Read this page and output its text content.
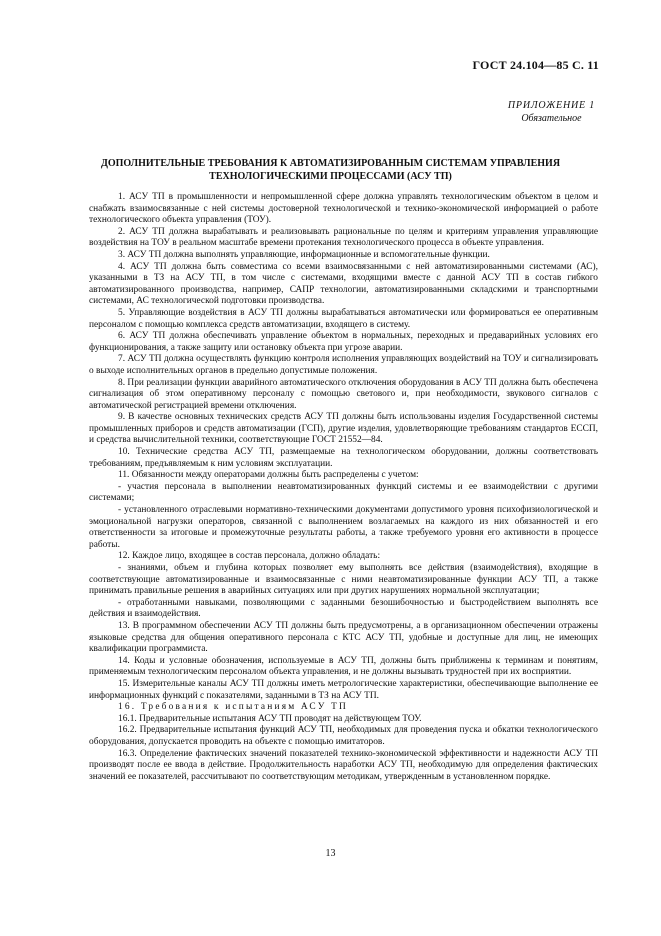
ГОСТ 24.104—85 С. 11
ПРИЛОЖЕНИЕ 1
Обязательное
ДОПОЛНИТЕЛЬНЫЕ ТРЕБОВАНИЯ К АВТОМАТИЗИРОВАННЫМ СИСТЕМАМ УПРАВЛЕНИЯ
ТЕХНОЛОГИЧЕСКИМИ ПРОЦЕССАМИ (АСУ ТП)

1. АСУ ТП в промышленности и непромышленной сфере должна управлять технологическим объектом в целом и снабжать взаимосвязанные с ней системы достоверной технологической и технико-экономической информацией о работе технологического объекта управления (ТОУ).

2. АСУ ТП должна вырабатывать и реализовывать рациональные по целям и критериям управления управляющие воздействия на ТОУ в реальном масштабе времени протекания технологического процесса в объекте управления.

3. АСУ ТП должна выполнять управляющие, информационные и вспомогательные функции.

4. АСУ ТП должна быть совместима со всеми взаимосвязанными с ней автоматизированными системами (АС), указанными в ТЗ на АСУ ТП, в том числе с системами, входящими вместе с данной АСУ ТП в состав гибкого автоматизированного производства, например, САПР технологии, автоматизированными складскими и транспортными системами, АС технологической подготовки производства.

5. Управляющие воздействия в АСУ ТП должны вырабатываться автоматически или формироваться ее оперативным персоналом с помощью комплекса средств автоматизации, входящего в систему.

6. АСУ ТП должна обеспечивать управление объектом в нормальных, переходных и предаварийных условиях его функционирования, а также защиту или остановку объекта при угрозе аварии.

7. АСУ ТП должна осуществлять функцию контроля исполнения управляющих воздействий на ТОУ и сигнализировать о выходе исполнительных органов в предельно допустимые положения.

8. При реализации функции аварийного автоматического отключения оборудования в АСУ ТП должна быть обеспечена сигнализация об этом оперативному персоналу с помощью светового и, при необходимости, звукового сигналов с автоматической регистрацией времени отключения.

9. В качестве основных технических средств АСУ ТП должны быть использованы изделия Государственной системы промышленных приборов и средств автоматизации (ГСП), другие изделия, удовлетворяющие требованиям стандартов ЕССП, и средства вычислительной техники, соответствующие ГОСТ 21552—84.

10. Технические средства АСУ ТП, размещаемые на технологическом оборудовании, должны соответствовать требованиям, предъявляемым к ним условиям эксплуатации.

11. Обязанности между операторами должны быть распределены с учетом:

- участия персонала в выполнении неавтоматизированных функций системы и ее взаимодействии с другими системами;

- установленного отраслевыми нормативно-техническими документами допустимого уровня психофизиологической и эмоциональной нагрузки операторов, связанной с выполнением возлагаемых на каждого из них обязанностей и его ответственности за итоговые и промежуточные результаты работы, а также требуемого уровня его активности в процессе работы.

12. Каждое лицо, входящее в состав персонала, должно обладать:

- знаниями, объем и глубина которых позволяет ему выполнять все действия (взаимодействия), входящие в соответствующие автоматизированные и взаимосвязанные с ними неавтоматизированные функции АСУ ТП, а также принимать правильные решения в аварийных ситуациях или при других нарушениях нормальной эксплуатации;

- отработанными навыками, позволяющими с заданными безошибочностью и быстродействием выполнять все действия и взаимодействия.

13. В программном обеспечении АСУ ТП должны быть предусмотрены, а в организационном обеспечении отражены языковые средства для общения оперативного персонала с КТС АСУ ТП, удобные и доступные для лиц, не имеющих квалификации программиста.

14. Коды и условные обозначения, используемые в АСУ ТП, должны быть приближены к терминам и понятиям, применяемым технологическим персоналом объекта управления, и не должны вызывать трудностей при их восприятии.

15. Измерительные каналы АСУ ТП должны иметь метрологические характеристики, обеспечивающие выполнение ее информационных функций с показателями, заданными в ТЗ на АСУ ТП.

16. Требования к испытаниям АСУ ТП

16.1. Предварительные испытания АСУ ТП проводят на действующем ТОУ.

16.2. Предварительные испытания функций АСУ ТП, необходимых для проведения пуска и обкатки технологического оборудования, допускается проводить на объекте с помощью имитаторов.

16.3. Определение фактических значений показателей технико-экономической эффективности и надежности АСУ ТП производят после ее ввода в действие. Продолжительность наработки АСУ ТП, необходимую для определения фактических значений ее показателей, рассчитывают по соответствующим методикам, утвержденным в установленном порядке.

13
